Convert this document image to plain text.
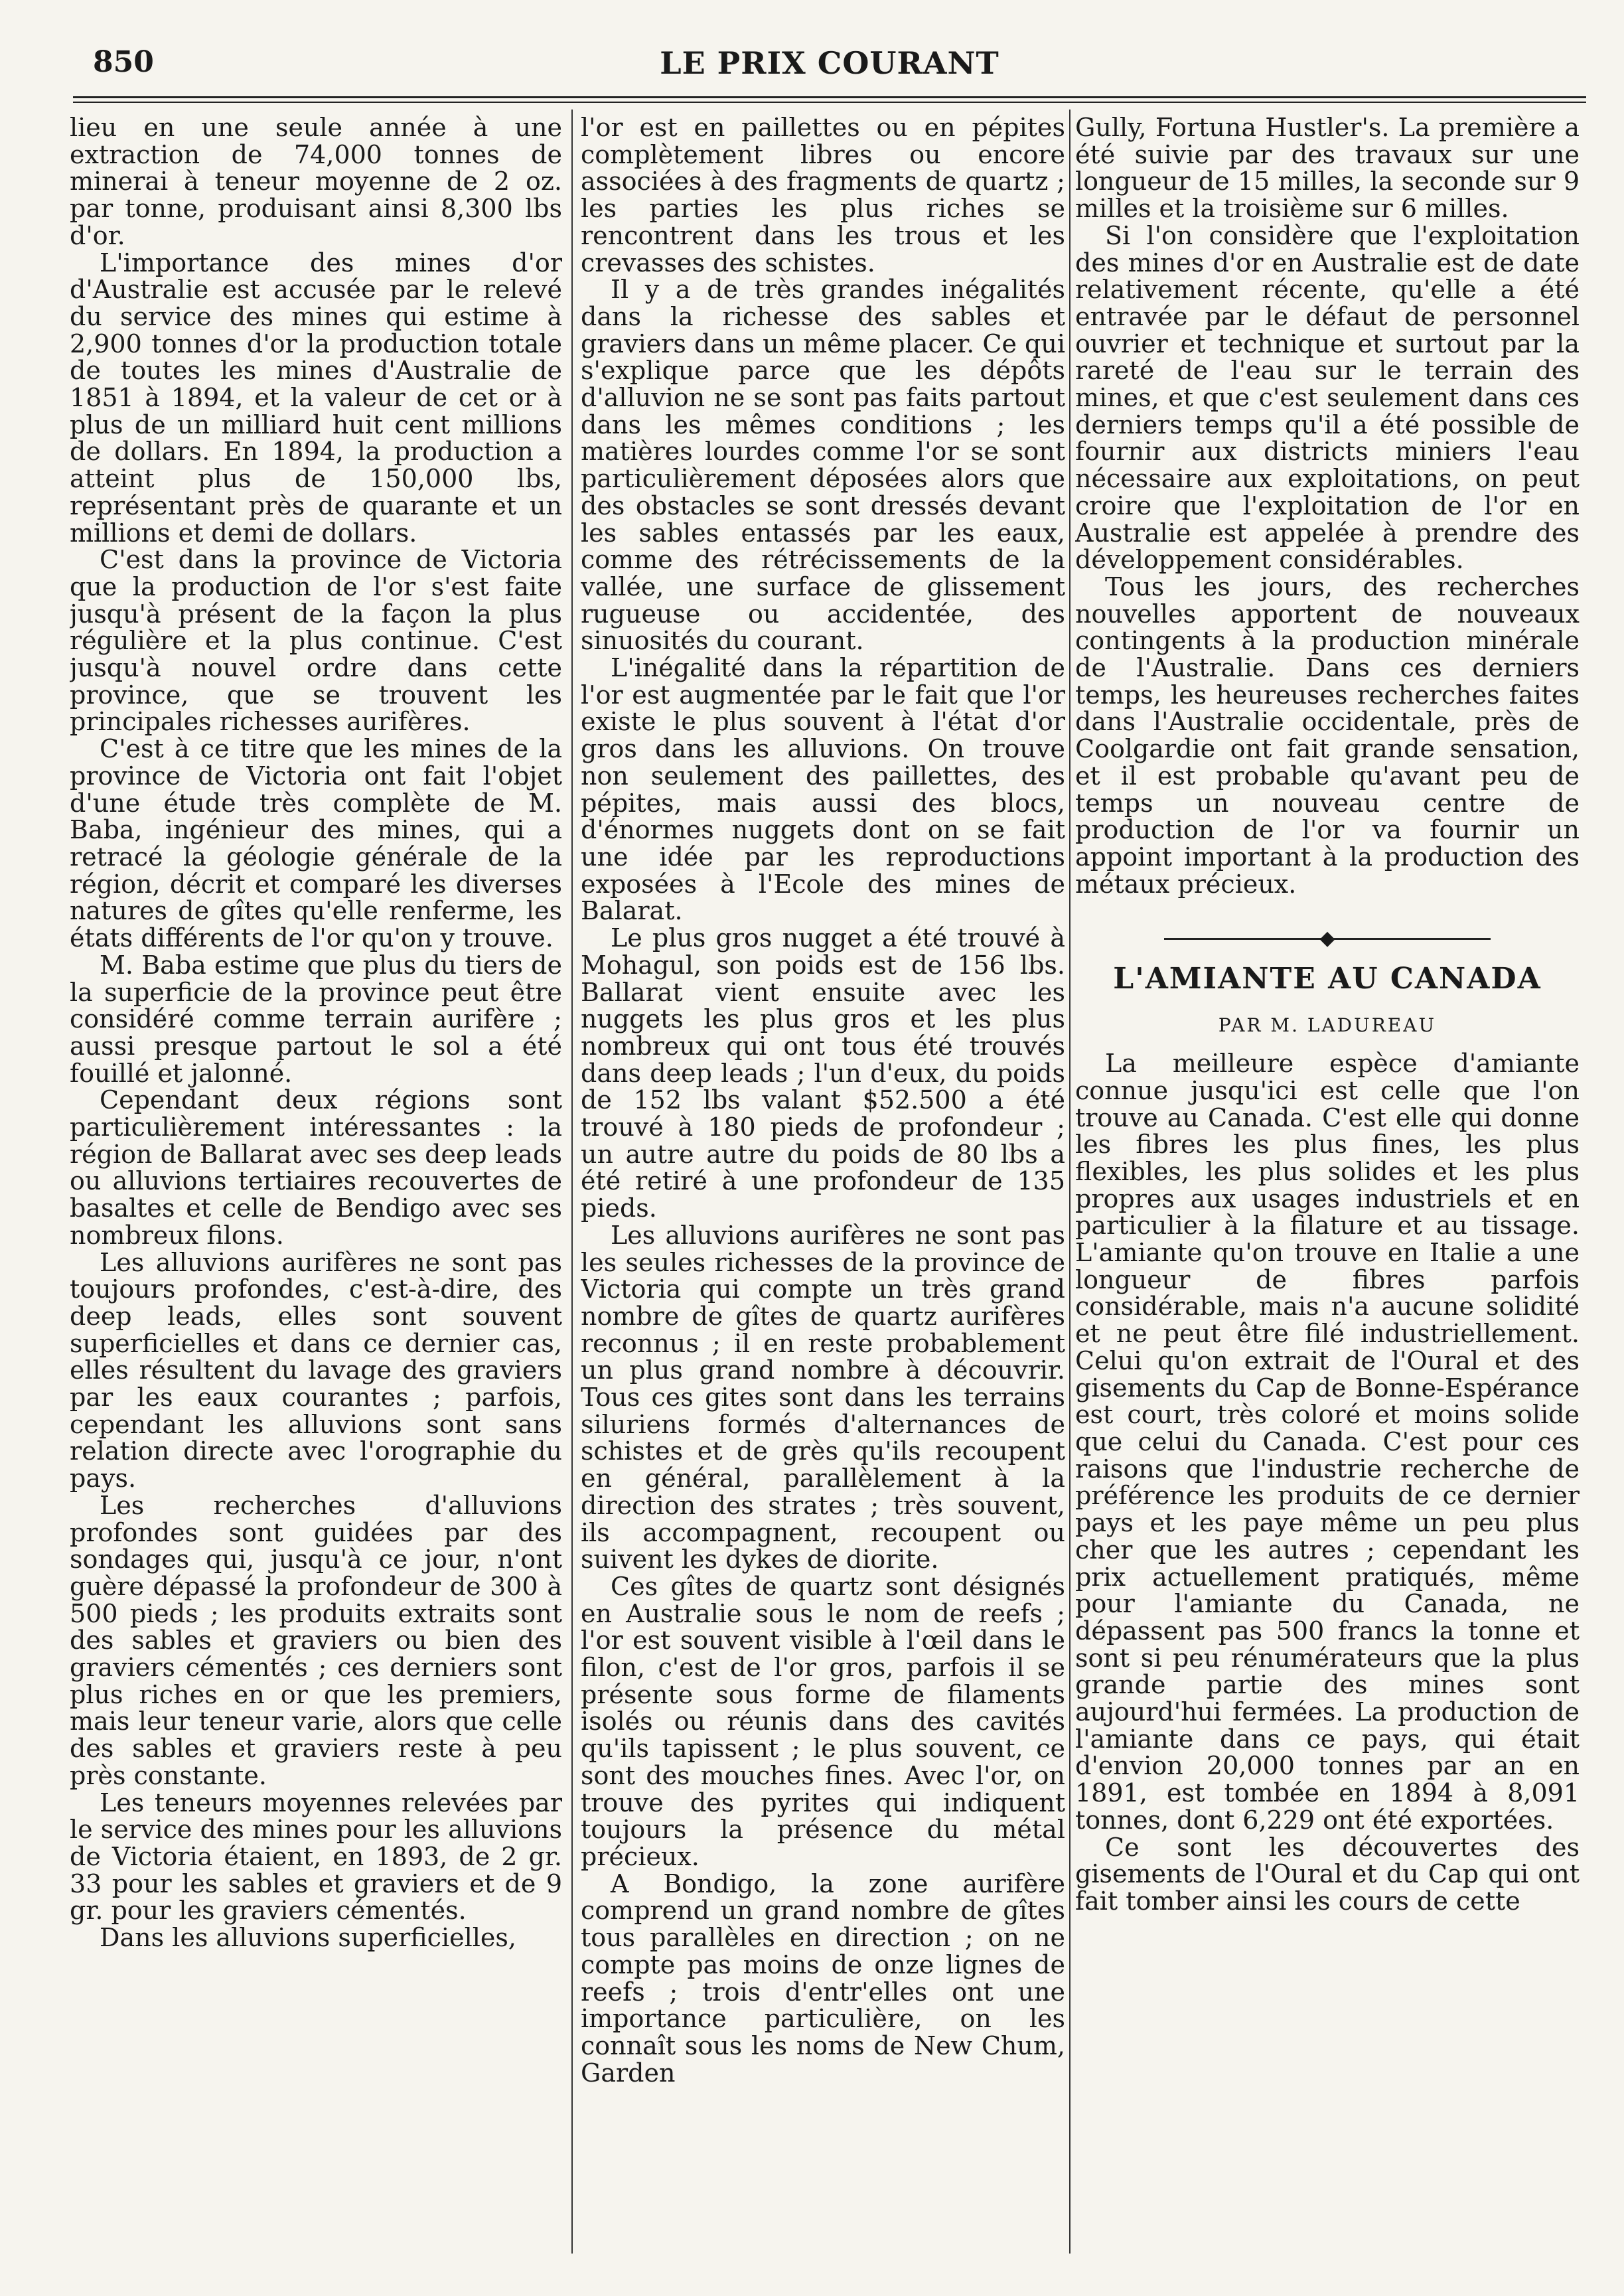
850	LE PRIX COURANT

lieu en une seule année à une extraction de 74,000 tonnes de minerai à teneur moyenne de 2 oz. par tonne, produisant ainsi 8,300 lbs d'or.

L'importance des mines d'or d'Australie est accusée par le relevé du service des mines qui estime à 2,900 tonnes d'or la production totale de toutes les mines d'Australie de 1851 à 1894, et la valeur de cet or à plus de un milliard huit cent millions de dollars. En 1894, la production a atteint plus de 150,000 lbs, représentant près de quarante et un millions et demi de dollars.

C'est dans la province de Victoria que la production de l'or s'est faite jusqu'à présent de la façon la plus régulière et la plus continue. C'est jusqu'à nouvel ordre dans cette province, que se trouvent les principales richesses aurifères.

C'est à ce titre que les mines de la province de Victoria ont fait l'objet d'une étude très complète de M. Baba, ingénieur des mines, qui a retracé la géologie générale de la région, décrit et comparé les diverses natures de gîtes qu'elle renferme, les états différents de l'or qu'on y trouve.

M. Baba estime que plus du tiers de la superficie de la province peut être considéré comme terrain aurifère ; aussi presque partout le sol a été fouillé et jalonné.

Cependant deux régions sont particulièrement intéressantes : la région de Ballarat avec ses deep leads ou alluvions tertiaires recouvertes de basaltes et celle de Bendigo avec ses nombreux filons.

Les alluvions aurifères ne sont pas toujours profondes, c'est-à-dire, des deep leads, elles sont souvent superficielles et dans ce dernier cas, elles résultent du lavage des graviers par les eaux courantes ; parfois, cependant les alluvions sont sans relation directe avec l'orographie du pays.

Les recherches d'alluvions profondes sont guidées par des sondages qui, jusqu'à ce jour, n'ont guère dépassé la profondeur de 300 à 500 pieds ; les produits extraits sont des sables et graviers ou bien des graviers cémentés ; ces derniers sont plus riches en or que les premiers, mais leur teneur varie, alors que celle des sables et graviers reste à peu près constante.

Les teneurs moyennes relevées par le service des mines pour les alluvions de Victoria étaient, en 1893, de 2 gr. 33 pour les sables et graviers et de 9 gr. pour les graviers cémentés.

Dans les alluvions superficielles,

l'or est en paillettes ou en pépites complètement libres ou encore associées à des fragments de quartz ; les parties les plus riches se rencontrent dans les trous et les crevasses des schistes.

Il y a de très grandes inégalités dans la richesse des sables et graviers dans un même placer. Ce qui s'explique parce que les dépôts d'alluvion ne se sont pas faits partout dans les mêmes conditions ; les matières lourdes comme l'or se sont particulièrement déposées alors que des obstacles se sont dressés devant les sables entassés par les eaux, comme des rétrécissements de la vallée, une surface de glissement rugueuse ou accidentée, des sinuosités du courant.

L'inégalité dans la répartition de l'or est augmentée par le fait que l'or existe le plus souvent à l'état d'or gros dans les alluvions. On trouve non seulement des paillettes, des pépites, mais aussi des blocs, d'énormes nuggets dont on se fait une idée par les reproductions exposées à l'Ecole des mines de Balarat.

Le plus gros nugget a été trouvé à Mohagul, son poids est de 156 lbs. Ballarat vient ensuite avec les nuggets les plus gros et les plus nombreux qui ont tous été trouvés dans deep leads ; l'un d'eux, du poids de 152 lbs valant $52.500 a été trouvé à 180 pieds de profondeur ; un autre autre du poids de 80 lbs a été retiré à une profondeur de 135 pieds.

Les alluvions aurifères ne sont pas les seules richesses de la province de Victoria qui compte un très grand nombre de gîtes de quartz aurifères reconnus ; il en reste probablement un plus grand nombre à découvrir. Tous ces gites sont dans les terrains siluriens formés d'alternances de schistes et de grès qu'ils recoupent en général, parallèlement à la direction des strates ; très souvent, ils accompagnent, recoupent ou suivent les dykes de diorite.

Ces gîtes de quartz sont désignés en Australie sous le nom de reefs ; l'or est souvent visible à l'œil dans le filon, c'est de l'or gros, parfois il se présente sous forme de filaments isolés ou réunis dans des cavités qu'ils tapissent ; le plus souvent, ce sont des mouches fines. Avec l'or, on trouve des pyrites qui indiquent toujours la présence du métal précieux.

A Bondigo, la zone aurifère comprend un grand nombre de gîtes tous parallèles en direction ; on ne compte pas moins de onze lignes de reefs ; trois d'entr'elles ont une importance particulière, on les connaît sous les noms de New Chum, Garden

Gully, Fortuna Hustler's. La première a été suivie par des travaux sur une longueur de 15 milles, la seconde sur 9 milles et la troisième sur 6 milles.

Si l'on considère que l'exploitation des mines d'or en Australie est de date relativement récente, qu'elle a été entravée par le défaut de personnel ouvrier et technique et surtout par la rareté de l'eau sur le terrain des mines, et que c'est seulement dans ces derniers temps qu'il a été possible de fournir aux districts miniers l'eau nécessaire aux exploitations, on peut croire que l'exploitation de l'or en Australie est appelée à prendre des développement considérables.

Tous les jours, des recherches nouvelles apportent de nouveaux contingents à la production minérale de l'Australie. Dans ces derniers temps, les heureuses recherches faites dans l'Australie occidentale, près de Coolgardie ont fait grande sensation, et il est probable qu'avant peu de temps un nouveau centre de production de l'or va fournir un appoint important à la production des métaux précieux.

◆
L'AMIANTE AU CANADA
PAR M. LADUREAU

La meilleure espèce d'amiante connue jusqu'ici est celle que l'on trouve au Canada. C'est elle qui donne les fibres les plus fines, les plus flexibles, les plus solides et les plus propres aux usages industriels et en particulier à la filature et au tissage. L'amiante qu'on trouve en Italie a une longueur de fibres parfois considérable, mais n'a aucune solidité et ne peut être filé industriellement. Celui qu'on extrait de l'Oural et des gisements du Cap de Bonne-Espérance est court, très coloré et moins solide que celui du Canada. C'est pour ces raisons que l'industrie recherche de préférence les produits de ce dernier pays et les paye même un peu plus cher que les autres ; cependant les prix actuellement pratiqués, même pour l'amiante du Canada, ne dépassent pas 500 francs la tonne et sont si peu rénumérateurs que la plus grande partie des mines sont aujourd'hui fermées. La production de l'amiante dans ce pays, qui était d'envion 20,000 tonnes par an en 1891, est tombée en 1894 à 8,091 tonnes, dont 6,229 ont été exportées.

Ce sont les découvertes des gisements de l'Oural et du Cap qui ont fait tomber ainsi les cours de cette
